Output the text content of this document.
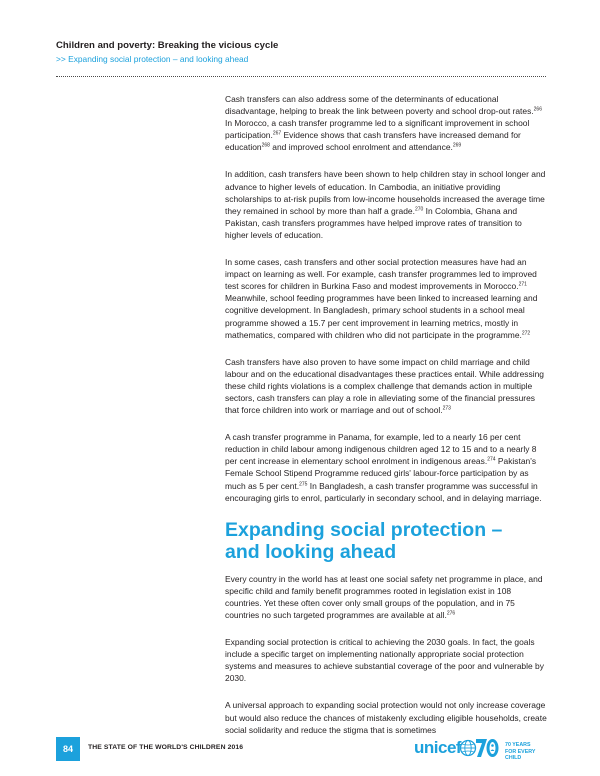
Children and poverty: Breaking the vicious cycle
>> Expanding social protection – and looking ahead

Cash transfers can also address some of the determinants of educational disadvantage, helping to break the link between poverty and school drop-out rates.$^{266}$ In Morocco, a cash transfer programme led to a significant improvement in school participation.$^{267}$ Evidence shows that cash transfers have increased demand for education$^{268}$ and improved school enrolment and attendance.$^{269}$

In addition, cash transfers have been shown to help children stay in school longer and advance to higher levels of education. In Cambodia, an initiative providing scholarships to at-risk pupils from low-income households increased the average time they remained in school by more than half a grade.$^{270}$ In Colombia, Ghana and Pakistan, cash transfers programmes have helped improve rates of transition to higher levels of education.

In some cases, cash transfers and other social protection measures have had an impact on learning as well. For example, cash transfer programmes led to improved test scores for children in Burkina Faso and modest improvements in Morocco.$^{271}$ Meanwhile, school feeding programmes have been linked to increased learning and cognitive development. In Bangladesh, primary school students in a school meal programme showed a 15.7 per cent improvement in learning metrics, mostly in mathematics, compared with children who did not participate in the programme.$^{272}$

Cash transfers have also proven to have some impact on child marriage and child labour and on the educational disadvantages these practices entail. While addressing these child rights violations is a complex challenge that demands action in multiple sectors, cash transfers can play a role in alleviating some of the financial pressures that force children into work or marriage and out of school.$^{273}$

A cash transfer programme in Panama, for example, led to a nearly 16 per cent reduction in child labour among indigenous children aged 12 to 15 and to a nearly 8 per cent increase in elementary school enrolment in indigenous areas.$^{274}$ Pakistan's Female School Stipend Programme reduced girls' labour-force participation by as much as 5 per cent.$^{275}$ In Bangladesh, a cash transfer programme was successful in encouraging girls to enrol, particularly in secondary school, and in delaying marriage.

Expanding social protection –
and looking ahead

Every country in the world has at least one social safety net programme in place, and specific child and family benefit programmes rooted in legislation exist in 108 countries. Yet these often cover only small groups of the population, and in 75 countries no such targeted programmes are available at all.$^{276}$

Expanding social protection is critical to achieving the 2030 goals. In fact, the goals include a specific target on implementing nationally appropriate social protection systems and measures to achieve substantial coverage of the poor and vulnerable by 2030.

A universal approach to expanding social protection would not only increase coverage but would also reduce the chances of mistakenly excluding eligible households, create social solidarity and reduce the stigma that is sometimes

84	THE STATE OF THE WORLD'S CHILDREN 2016	unicef	70 YEARS
FOR EVERY CHILD
